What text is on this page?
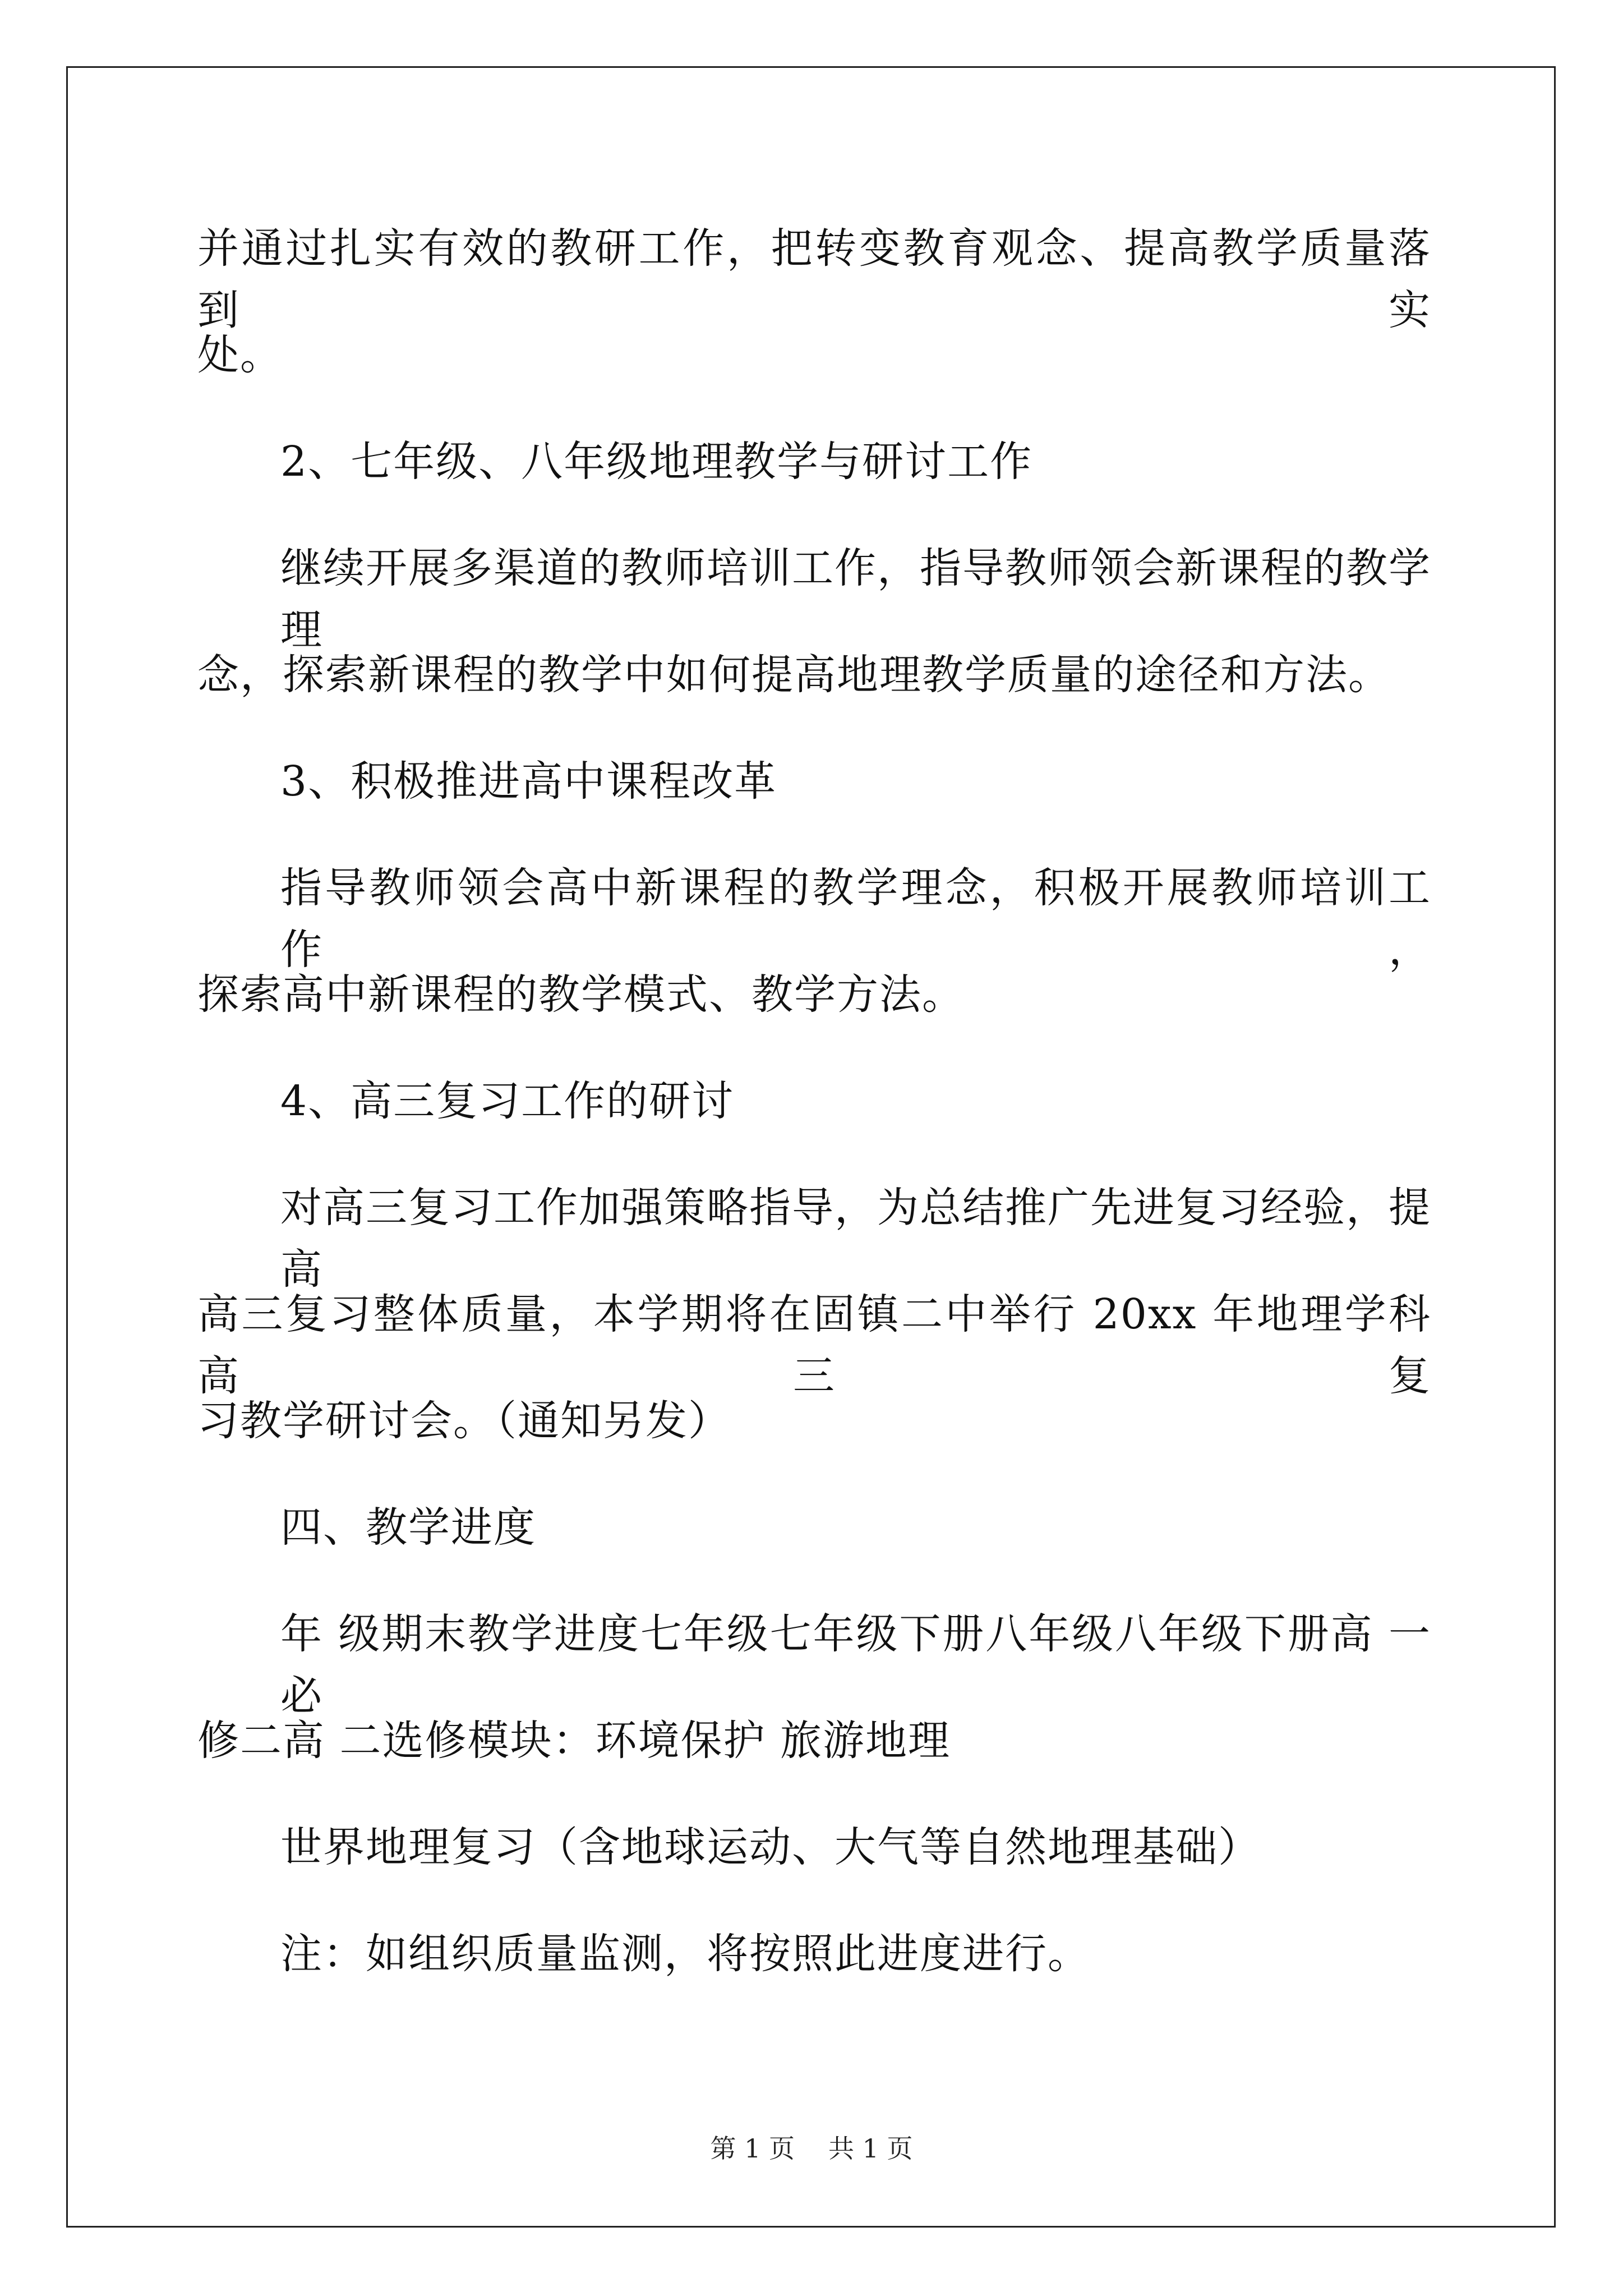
并通过扎实有效的教研工作，把转变教育观念、提高教学质量落到实
处。
2、七年级、八年级地理教学与研讨工作
继续开展多渠道的教师培训工作，指导教师领会新课程的教学理
念，探索新课程的教学中如何提高地理教学质量的途径和方法。
3、积极推进高中课程改革
指导教师领会高中新课程的教学理念，积极开展教师培训工作，
探索高中新课程的教学模式、教学方法。
4、高三复习工作的研讨
对高三复习工作加强策略指导，为总结推广先进复习经验，提高
高三复习整体质量，本学期将在固镇二中举行 20xx 年地理学科高三复
习教学研讨会。（通知另发）
四、教学进度
年 级期末教学进度七年级七年级下册八年级八年级下册高 一必
修二高 二选修模块：环境保护 旅游地理
世界地理复习（含地球运动、大气等自然地理基础）
注：如组织质量监测，将按照此进度进行。
第 1 页 共 1 页
